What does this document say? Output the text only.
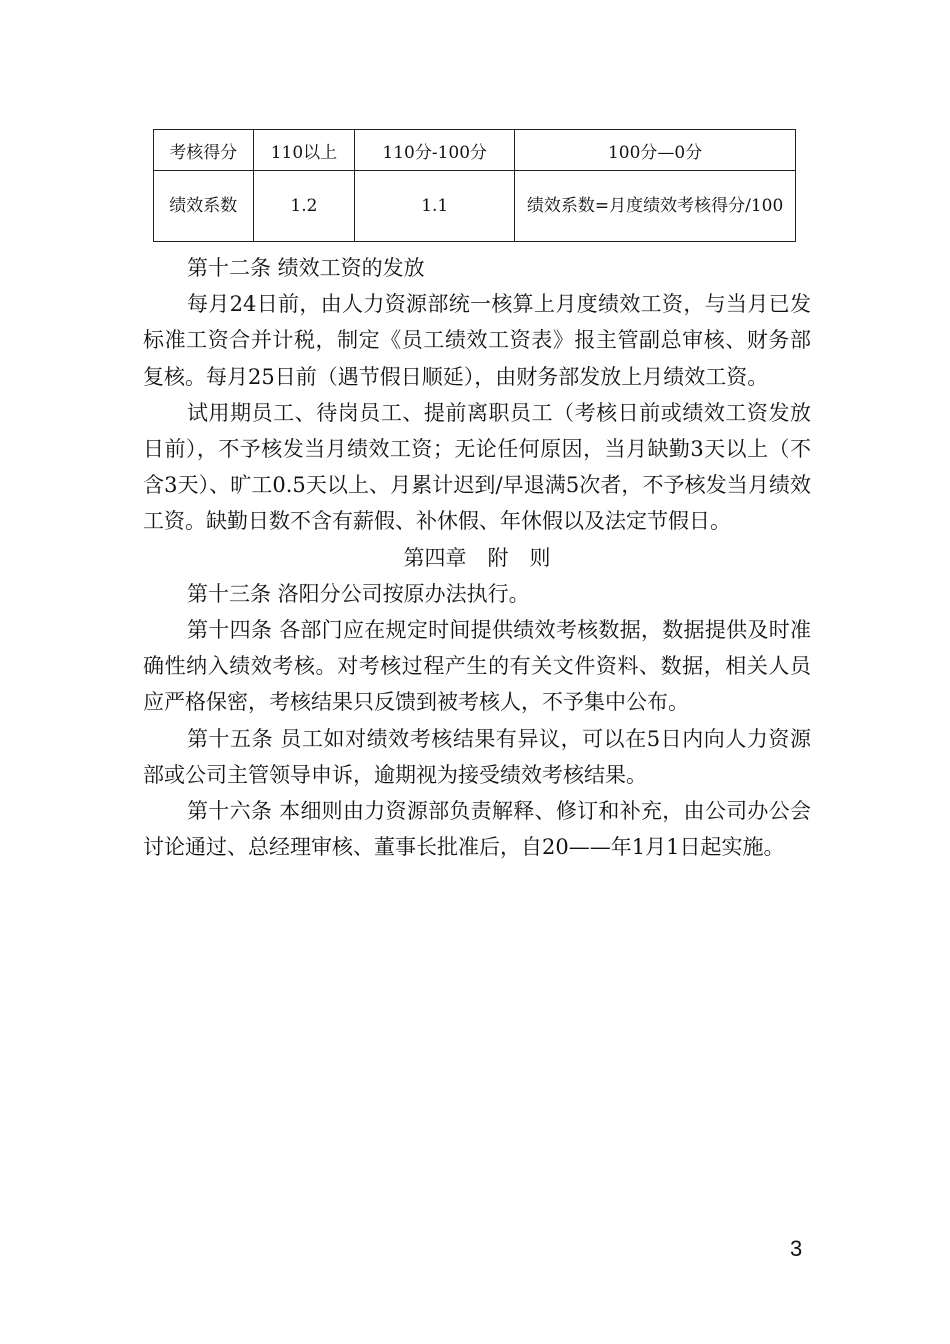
考核得分	110以上	110分-100分	100分—0分
绩效系数	1.2	1.1	绩效系数=月度绩效考核得分/100

第十二条 绩效工资的发放

每月24日前，由人力资源部统一核算上月度绩效工资，与当月已发标准工资合并计税，制定《员工绩效工资表》报主管副总审核、财务部复核。每月25日前（遇节假日顺延），由财务部发放上月绩效工资。

试用期员工、待岗员工、提前离职员工（考核日前或绩效工资发放日前），不予核发当月绩效工资；无论任何原因，当月缺勤3天以上（不含3天）、旷工0.5天以上、月累计迟到/早退满5次者，不予核发当月绩效工资。缺勤日数不含有薪假、补休假、年休假以及法定节假日。

第四章　附　则

第十三条 洛阳分公司按原办法执行。

第十四条 各部门应在规定时间提供绩效考核数据，数据提供及时准确性纳入绩效考核。对考核过程产生的有关文件资料、数据，相关人员应严格保密，考核结果只反馈到被考核人，不予集中公布。

第十五条 员工如对绩效考核结果有异议，可以在5日内向人力资源部或公司主管领导申诉，逾期视为接受绩效考核结果。

第十六条 本细则由力资源部负责解释、修订和补充，由公司办公会讨论通过、总经理审核、董事长批准后，自20——年1月1日起实施。

3
